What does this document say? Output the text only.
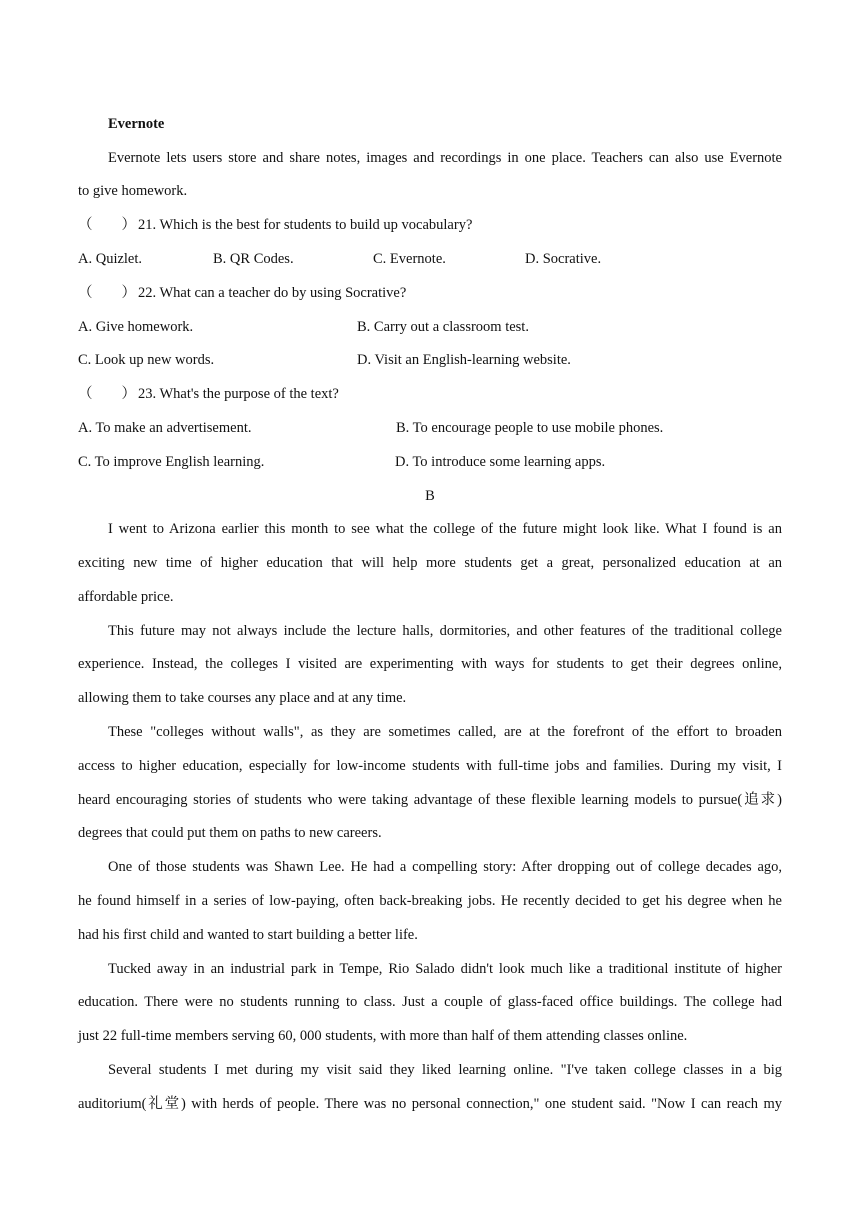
Evernote
Evernote lets users store and share notes, images and recordings in one place. Teachers can also use Evernote
to give homework.
（　　） 21. Which is the best for students to build up vocabulary?
A. Quizlet.	B. QR Codes.	C. Evernote.	D. Socrative.
（　　） 22. What can a teacher do by using Socrative?
A. Give homework.	B. Carry out a classroom test.
C. Look up new words.	D. Visit an English-learning website.
（　　） 23. What's the purpose of the text?
A. To make an advertisement.	B. To encourage people to use mobile phones.
C. To improve English learning.	D. To introduce some learning apps.
B
I went to Arizona earlier this month to see what the college of the future might look like. What I found is an
exciting new time of higher education that will help more students get a great, personalized education at an
affordable price.
This future may not always include the lecture halls, dormitories, and other features of the traditional college
experience. Instead, the colleges I visited are experimenting with ways for students to get their degrees online,
allowing them to take courses any place and at any time.
These "colleges without walls", as they are sometimes called, are at the forefront of the effort to broaden
access to higher education, especially for low-income students with full-time jobs and families. During my visit, I
heard encouraging stories of students who were taking advantage of these flexible learning models to pursue(追求)
degrees that could put them on paths to new careers.
One of those students was Shawn Lee. He had a compelling story: After dropping out of college decades ago,
he found himself in a series of low-paying, often back-breaking jobs. He recently decided to get his degree when he
had his first child and wanted to start building a better life.
Tucked away in an industrial park in Tempe, Rio Salado didn't look much like a traditional institute of higher
education. There were no students running to class. Just a couple of glass-faced office buildings. The college had
just 22 full-time members serving 60, 000 students, with more than half of them attending classes online.
Several students I met during my visit said they liked learning online. "I've taken college classes in a big
auditorium(礼堂) with herds of people. There was no personal connection," one student said. "Now I can reach my
